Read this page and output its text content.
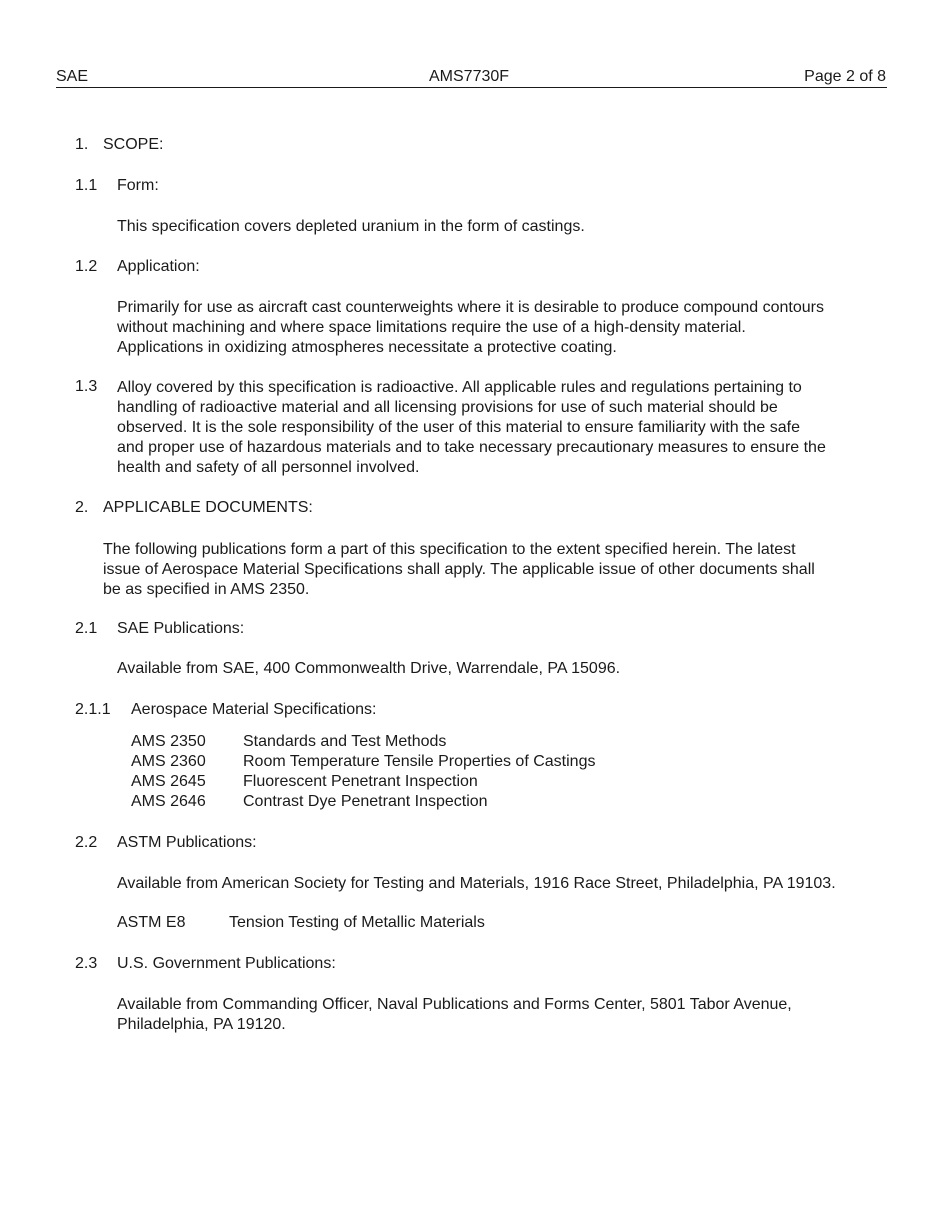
SAE	AMS7730F	Page 2 of 8
1. SCOPE:
1.1 Form:
This specification covers depleted uranium in the form of castings.
1.2 Application:
Primarily for use as aircraft cast counterweights where it is desirable to produce compound contours
without machining and where space limitations require the use of a high-density material.
Applications in oxidizing atmospheres necessitate a protective coating.
1.3 Alloy covered by this specification is radioactive. All applicable rules and regulations pertaining to
handling of radioactive material and all licensing provisions for use of such material should be
observed. It is the sole responsibility of the user of this material to ensure familiarity with the safe
and proper use of hazardous materials and to take necessary precautionary measures to ensure the
health and safety of all personnel involved.
2. APPLICABLE DOCUMENTS:
The following publications form a part of this specification to the extent specified herein. The latest
issue of Aerospace Material Specifications shall apply. The applicable issue of other documents shall
be as specified in AMS 2350.
2.1 SAE Publications:
Available from SAE, 400 Commonwealth Drive, Warrendale, PA 15096.
2.1.1 Aerospace Material Specifications:
AMS 2350 Standards and Test Methods
AMS 2360 Room Temperature Tensile Properties of Castings
AMS 2645 Fluorescent Penetrant Inspection
AMS 2646 Contrast Dye Penetrant Inspection
2.2 ASTM Publications:
Available from American Society for Testing and Materials, 1916 Race Street, Philadelphia, PA 19103.
ASTM E8	Tension Testing of Metallic Materials
2.3 U.S. Government Publications:
Available from Commanding Officer, Naval Publications and Forms Center, 5801 Tabor Avenue,
Philadelphia, PA 19120.
